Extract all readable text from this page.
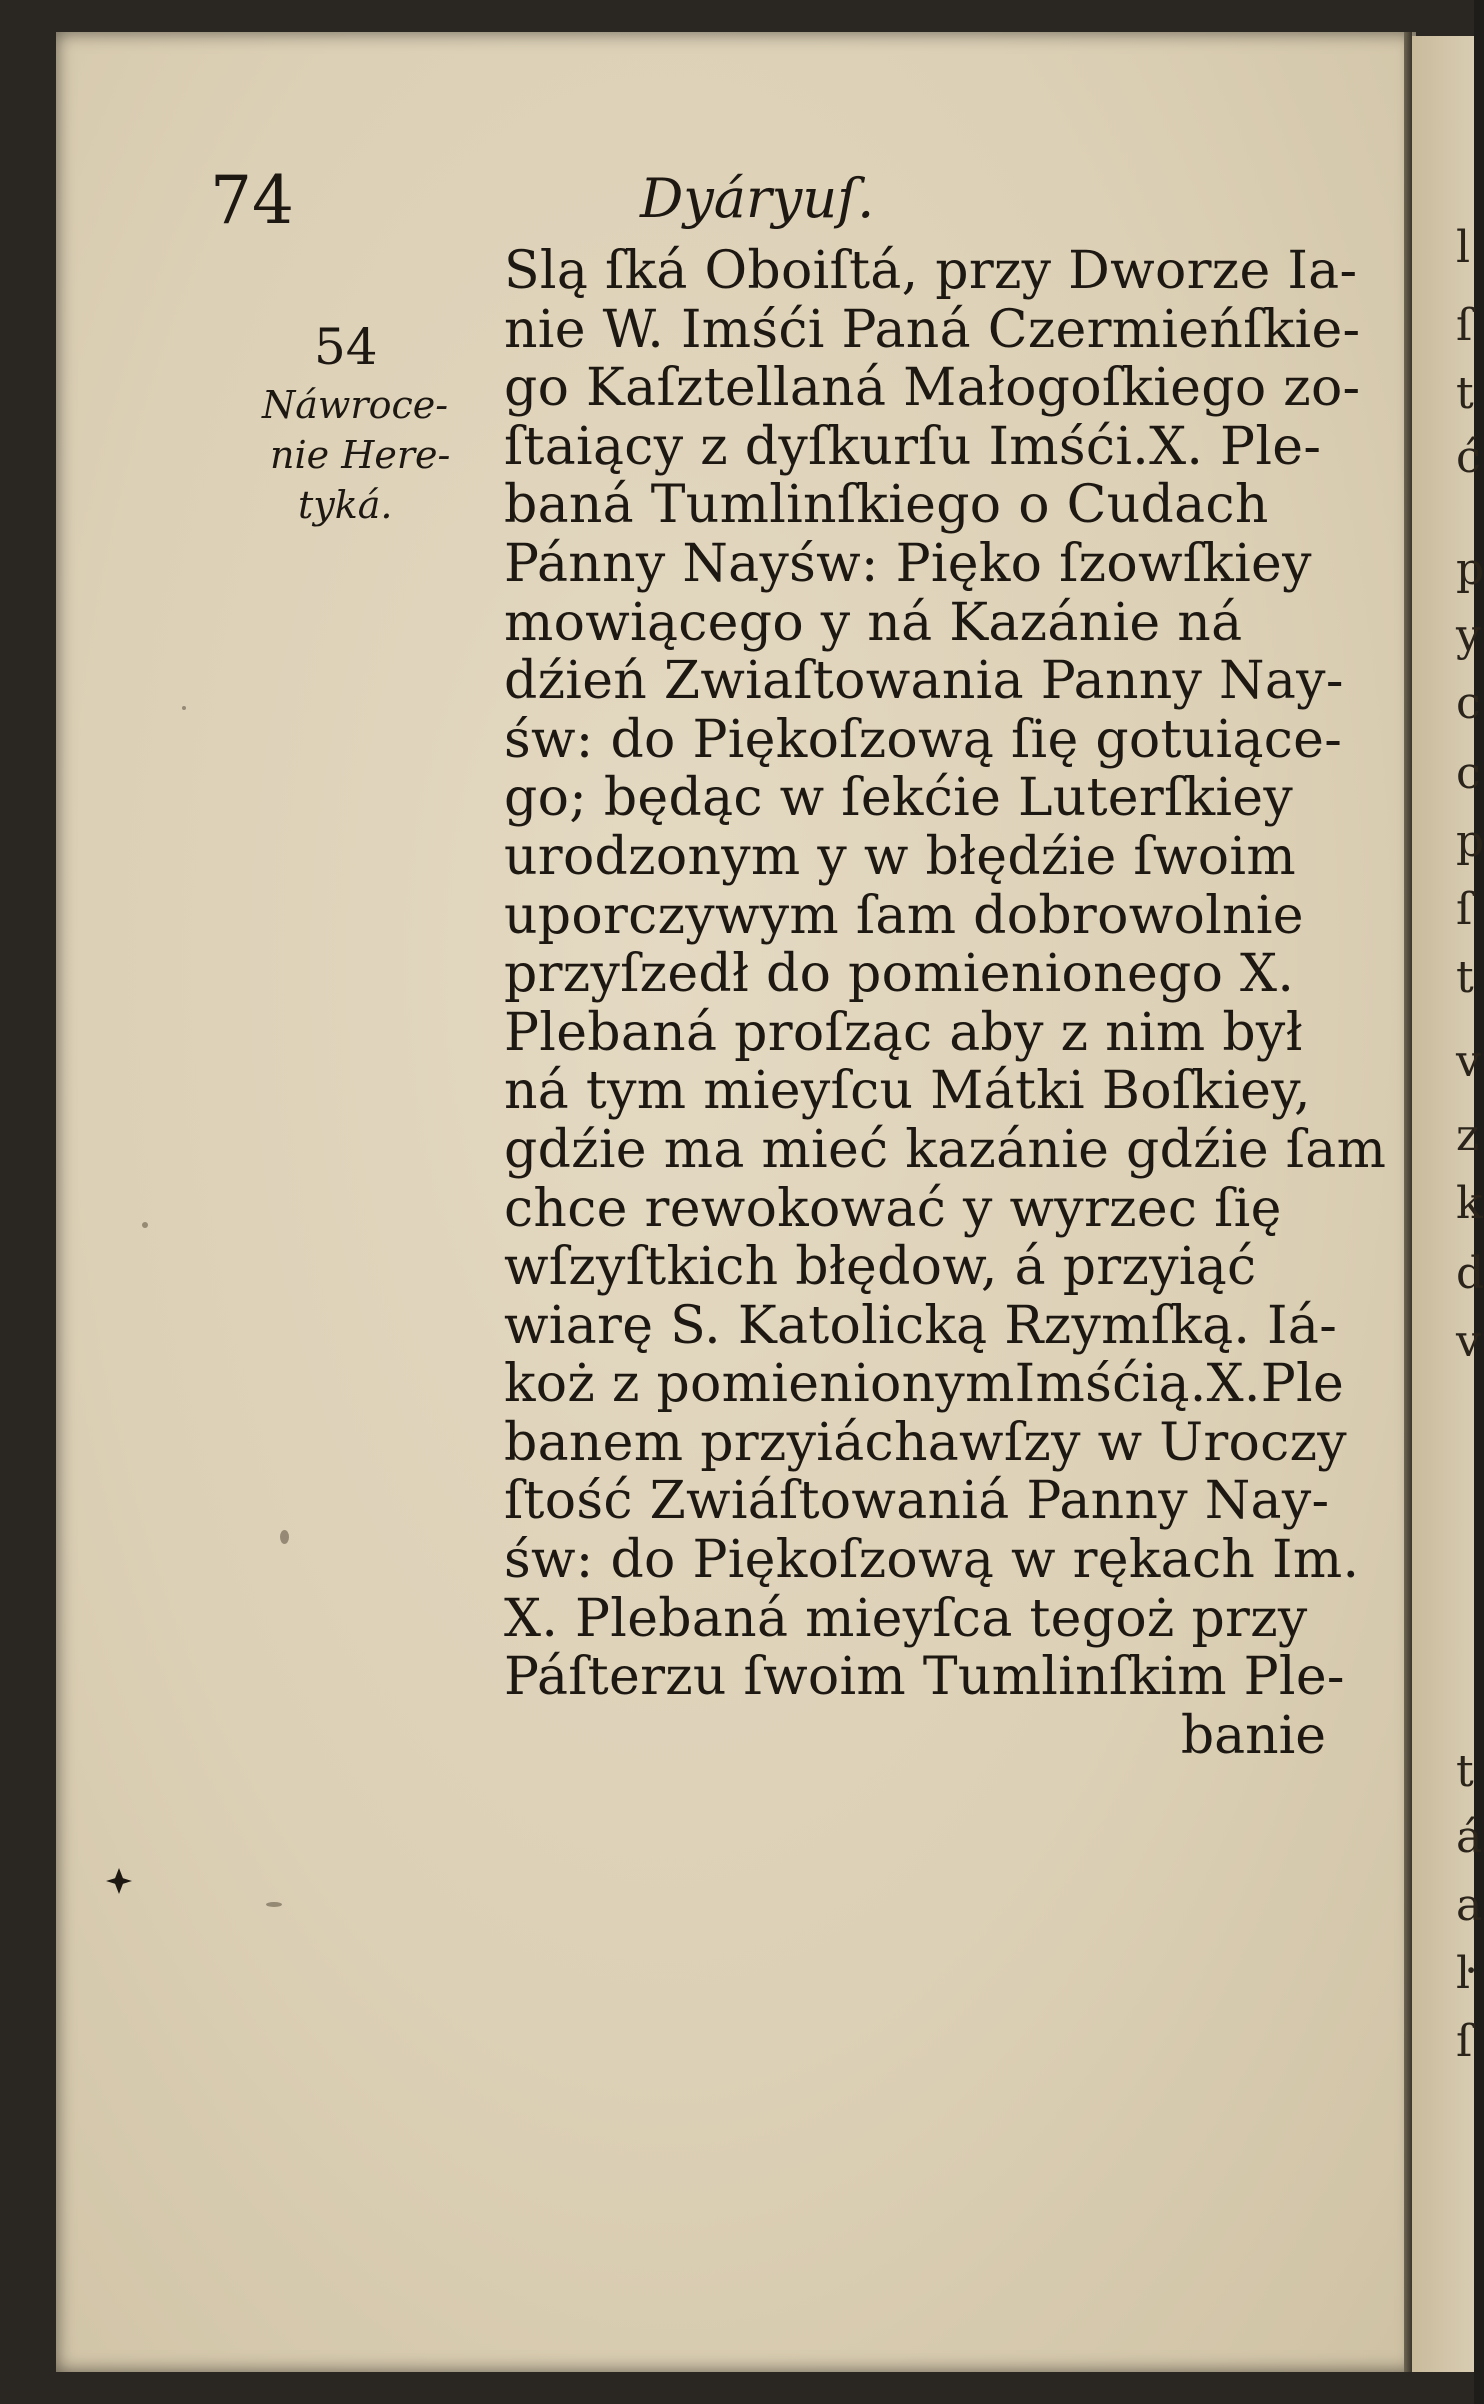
74	Dyáryuſ.
54
Náwroce-
nie Here-
tyká.
Slą ſká Oboiſtá, przy Dworze Ia-
nie W. Imśći Paná Czermieńſkie-
go Kaſztellaná Małogoſkiego zo-
ſtaiący z dyſkurſu Imśći.X. Ple-
baná Tumlinſkiego o Cudach
Pánny Nayśw: Pięko ſzowſkiey
mowiącego y ná Kazánie ná
dźień Zwiaſtowania Panny Nay-
św: do Piękoſzową ſię gotuiące-
go; będąc w ſekćie Luterſkiey
urodzonym y w błędźie ſwoim
uporczywym ſam dobrowolnie
przyſzedł do pomienionego X.
Plebaná proſząc aby z nim był
ná tym mieyſcu Mátki Boſkiey,
gdźie ma mieć kazánie gdźie ſam
chce rewokować y wyrzec ſię
wſzyſtkich błędow, á przyiąć
wiarę S. Katolicką Rzymſką. Iá-
koż z pomienionymImśćią.X.Ple
banem przyiáchawſzy w Uroczy
ſtość Zwiáſtowaniá Panny Nay-
św: do Piękoſzową w rękach Im.
X. Plebaná mieyſca tegoż przy
Páſterzu ſwoim Tumlinſkim Ple-
banie
l
ſ
t
ć
p
y
c
c
p
ſ
t
v
z
k
d
v
t
á
a
ŀ
ſ
